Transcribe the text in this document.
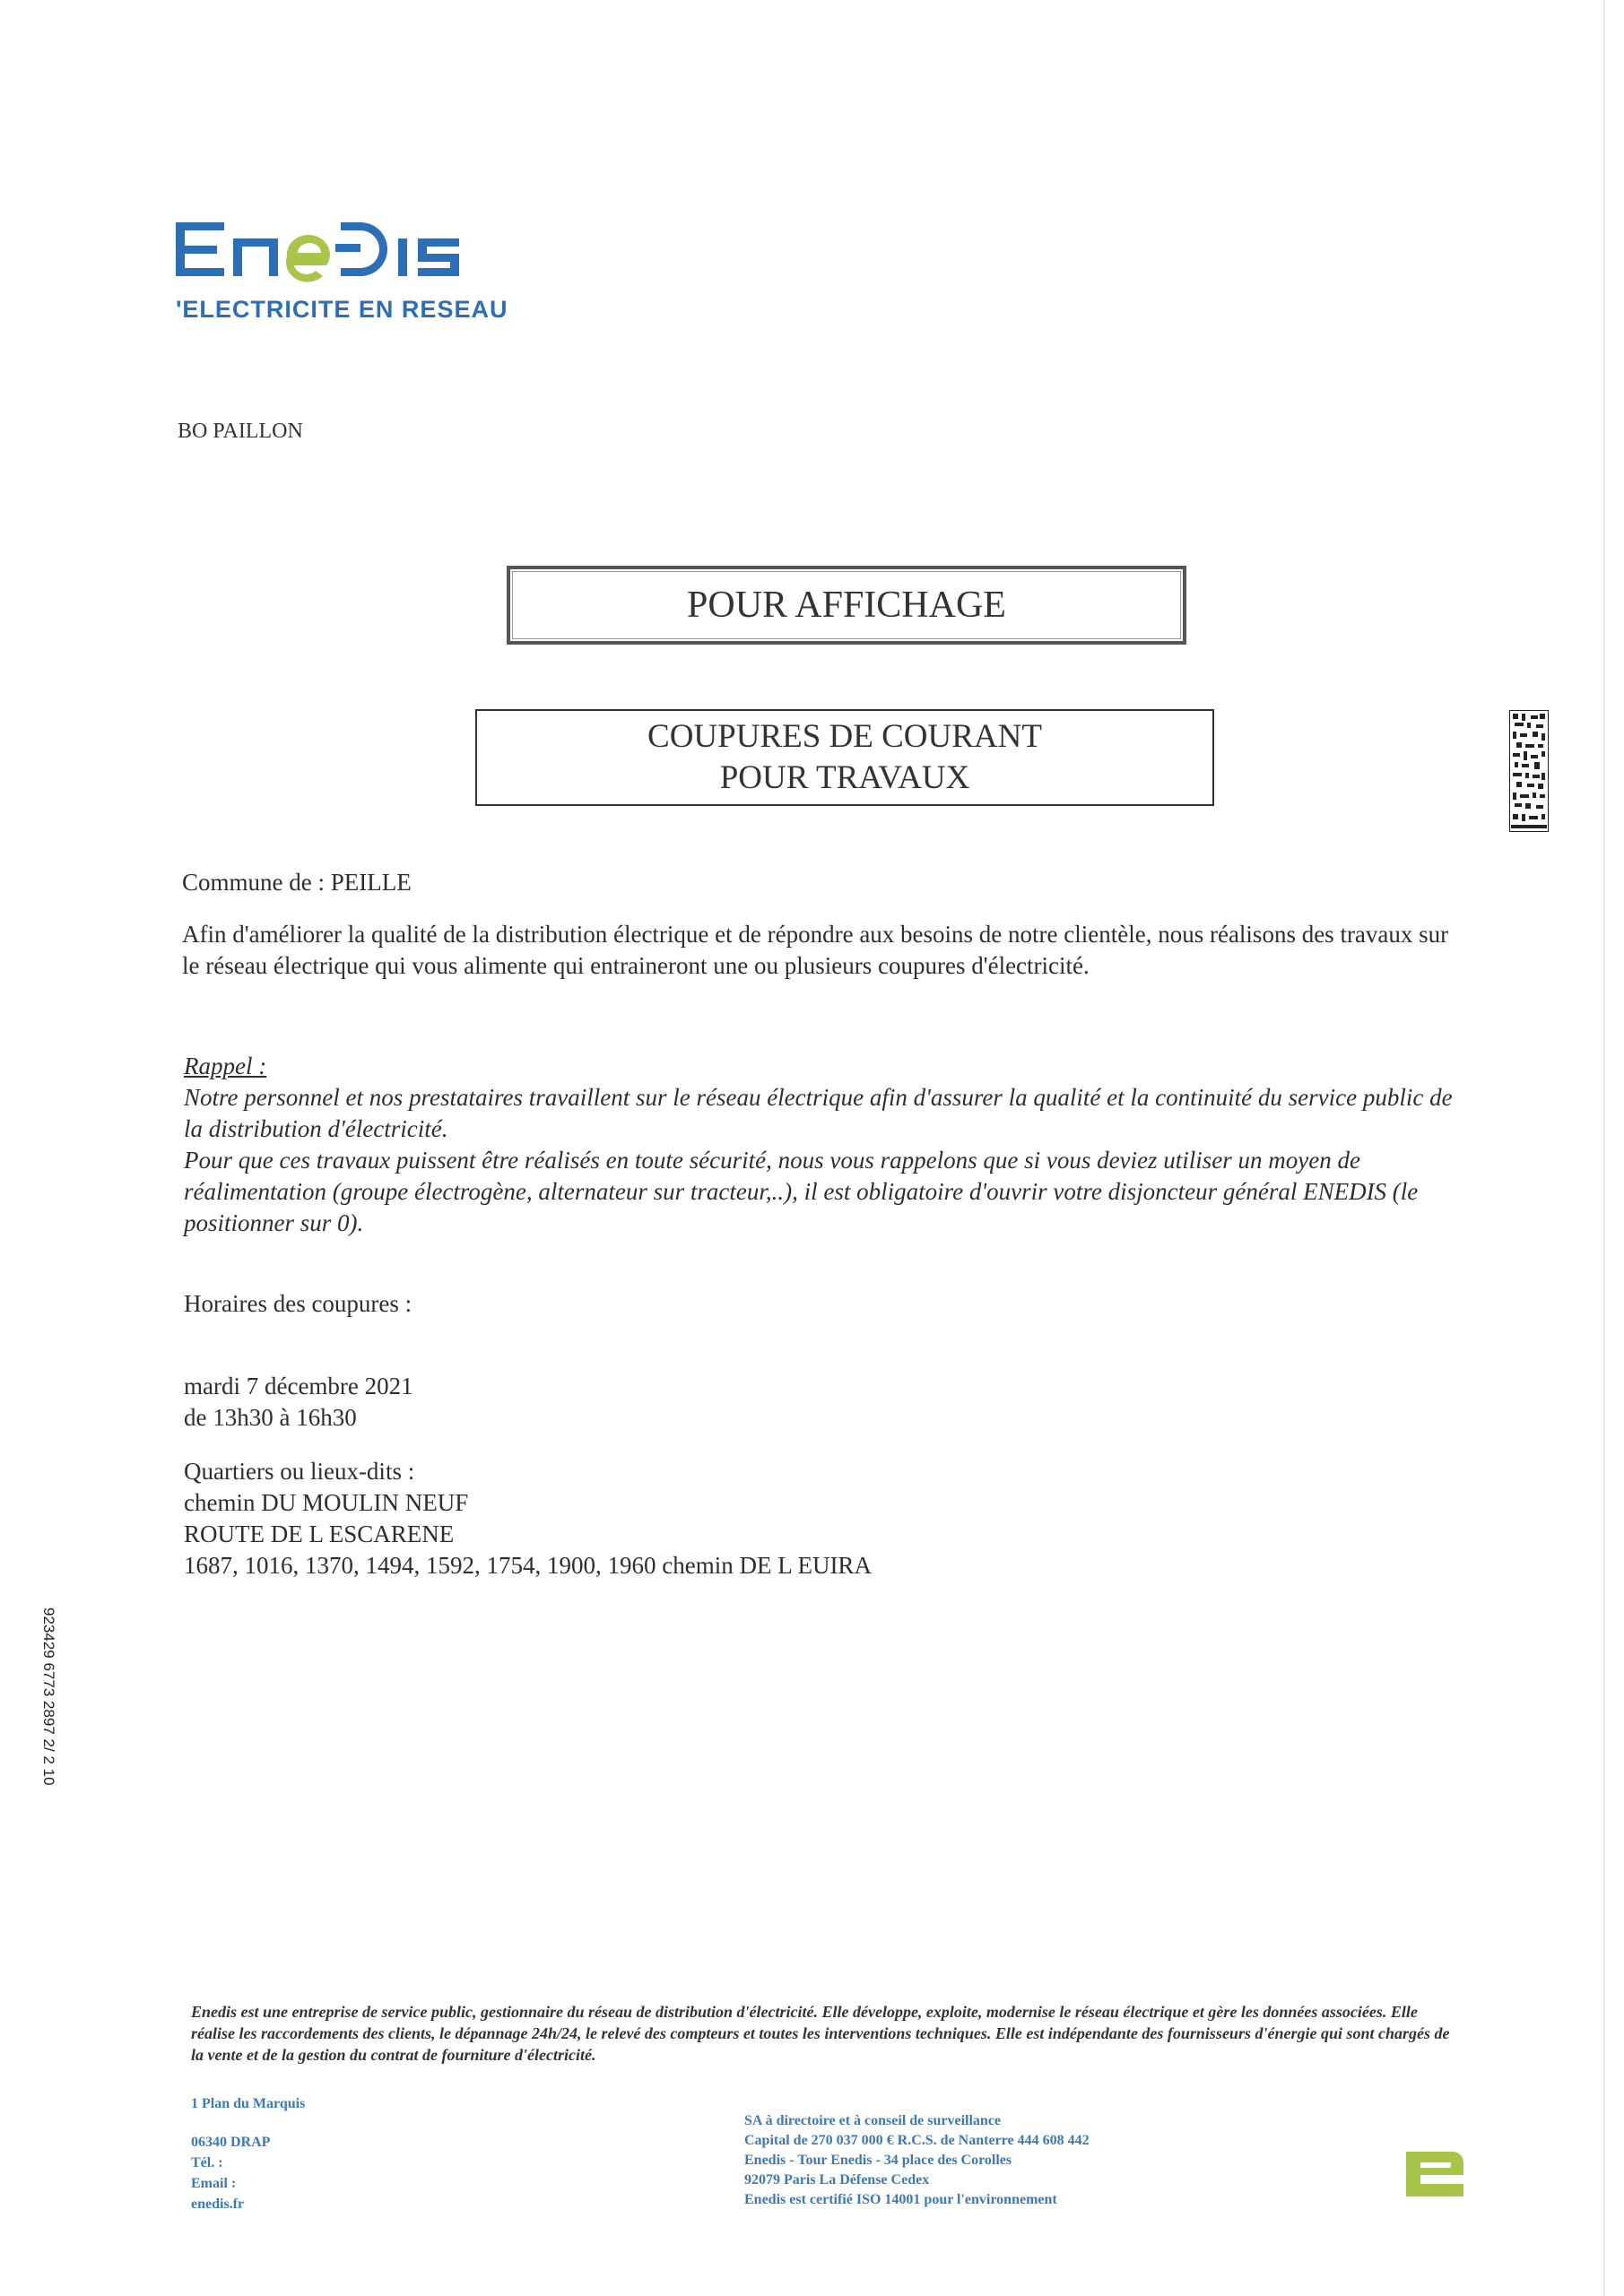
'ELECTRICITE EN RESEAU
BO PAILLON
POUR AFFICHAGE
COUPURES DE COURANT
POUR TRAVAUX
Commune de : PEILLE
Afin d'améliorer la qualité de la distribution électrique et de répondre aux besoins de notre clientèle, nous réalisons des travaux sur le réseau électrique qui vous alimente qui entraineront une ou plusieurs coupures d'électricité.
Rappel :
Notre personnel et nos prestataires travaillent sur le réseau électrique afin d'assurer la qualité et la continuité du service public de la distribution d'électricité.
Pour que ces travaux puissent être réalisés en toute sécurité, nous vous rappelons que si vous deviez utiliser un moyen de réalimentation (groupe électrogène, alternateur sur tracteur,..), il est obligatoire d'ouvrir votre disjoncteur général ENEDIS (le positionner sur 0).
Horaires des coupures :
mardi 7 décembre 2021
de 13h30 à 16h30
Quartiers ou lieux-dits :
chemin DU MOULIN NEUF
ROUTE DE L ESCARENE
1687, 1016, 1370, 1494, 1592, 1754, 1900, 1960 chemin DE L EUIRA
923429 6773 2897 2/ 2 10
Enedis est une entreprise de service public, gestionnaire du réseau de distribution d'électricité. Elle développe, exploite, modernise le réseau électrique et gère les données associées. Elle réalise les raccordements des clients, le dépannage 24h/24, le relevé des compteurs et toutes les interventions techniques. Elle est indépendante des fournisseurs d'énergie qui sont chargés de la vente et de la gestion du contrat de fourniture d'électricité.
1 Plan du Marquis
06340 DRAP
Tél. :
Email :
enedis.fr
SA à directoire et à conseil de surveillance
Capital de 270 037 000 € R.C.S. de Nanterre 444 608 442
Enedis - Tour Enedis - 34 place des Corolles
92079 Paris La Défense Cedex
Enedis est certifié ISO 14001 pour l'environnement
